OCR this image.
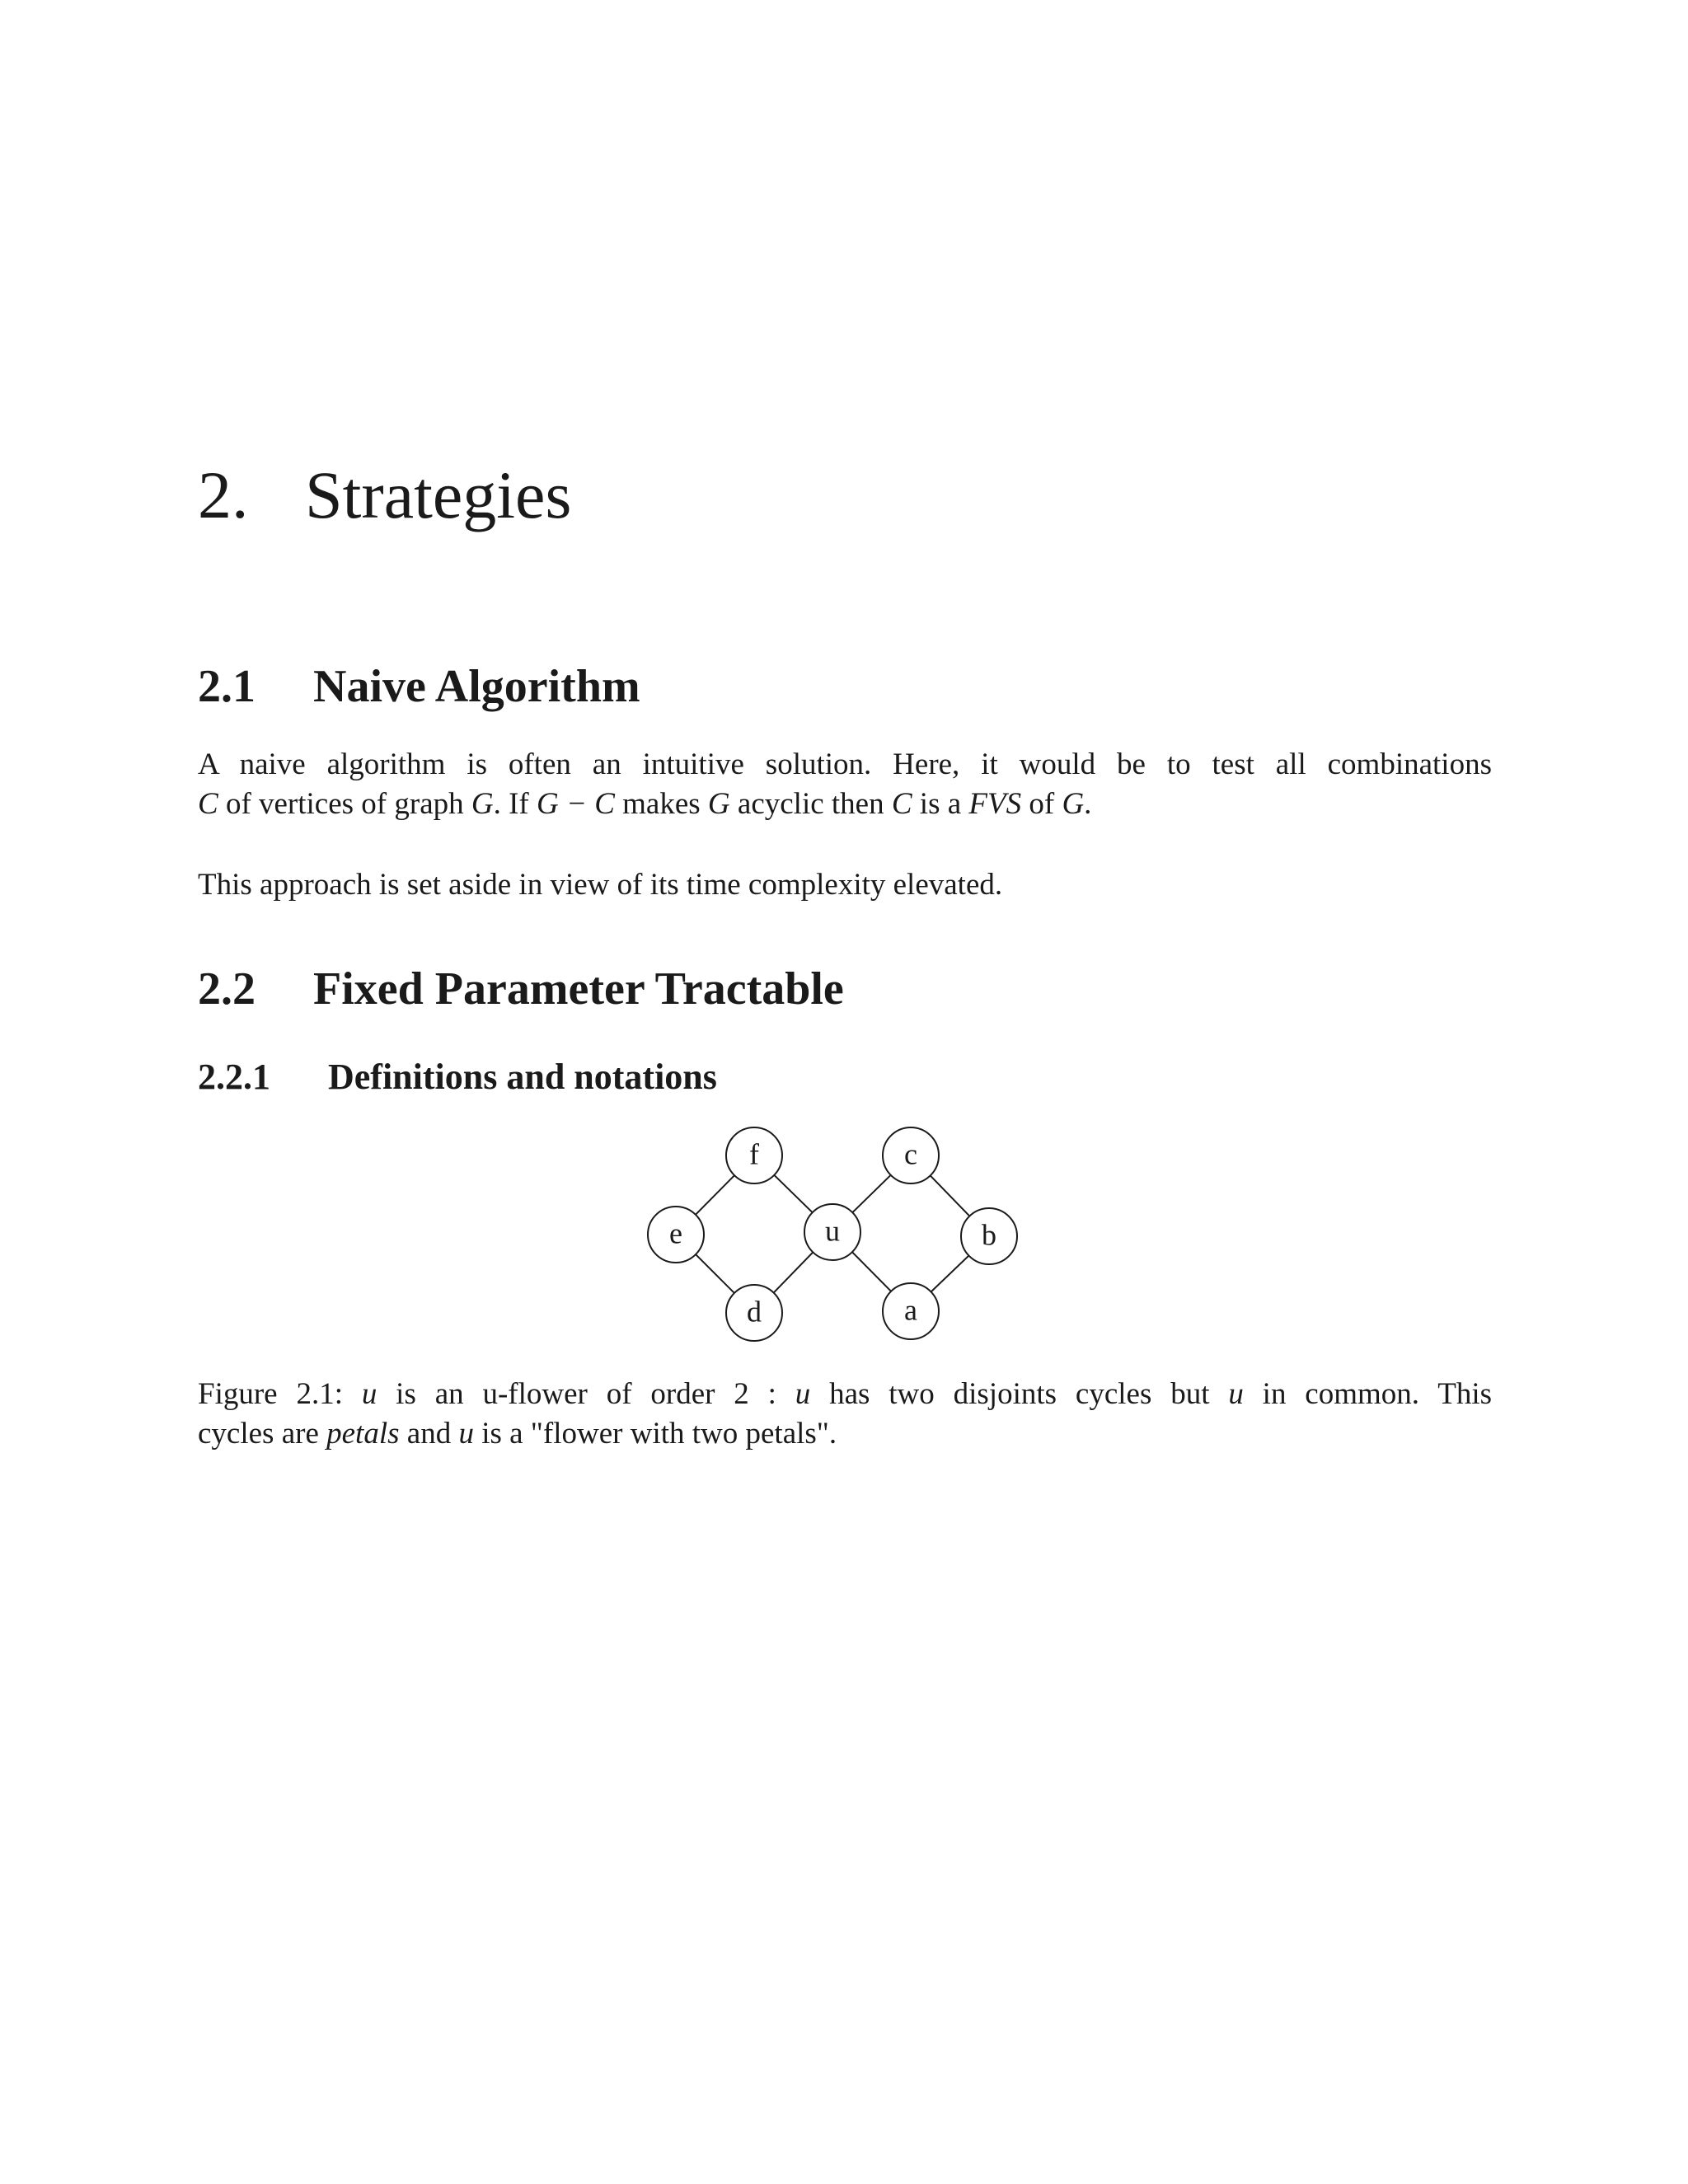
2. Strategies
2.1 Naive Algorithm

A naive algorithm is often an intuitive solution. Here, it would be to test all combinations
C of vertices of graph G. If G − C makes G acyclic then C is a FVS of G.

This approach is set aside in view of its time complexity elevated.

2.2 Fixed Parameter Tractable
2.2.1 Definitions and notations
f	c
e	u	b
d	a

Figure 2.1: u is an u-flower of order 2 : u has two disjoints cycles but u in common. This
cycles are petals and u is a "flower with two petals".
